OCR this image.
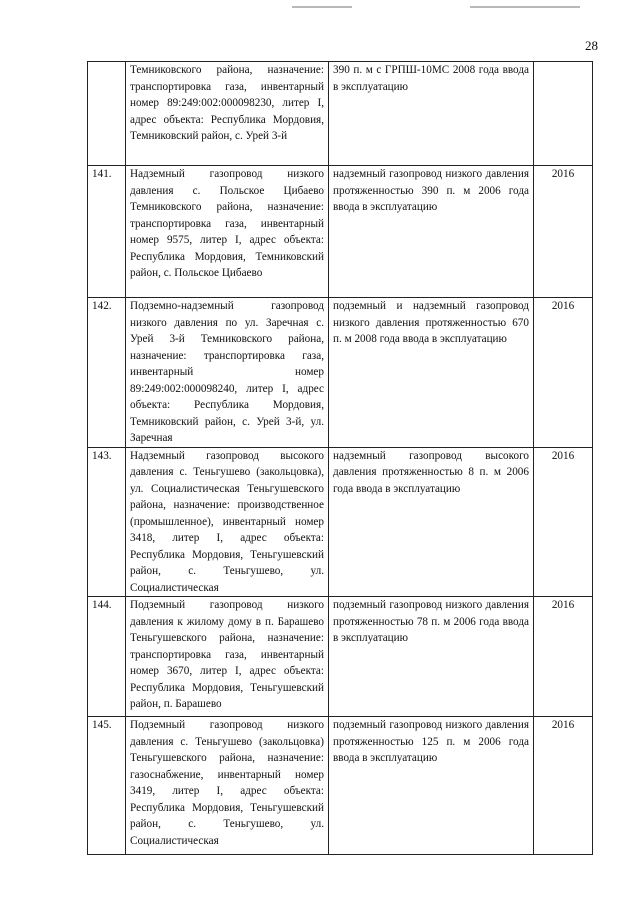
28
	Темниковского района, назначение: транспортировка газа, инвентарный номер 89:249:002:000098230, литер I, адрес объекта: Республика Мордовия, Темниковский район, с. Урей 3-й	390 п. м с ГРПШ-10МС 2008 года ввода в эксплуатацию	
141.	Надземный газопровод низкого давления с. Польское Цибаево Темниковского района, назначение: транспортировка газа, инвентарный номер 9575, литер I, адрес объекта: Республика Мордовия, Темниковский район, с. Польское Цибаево	надземный газопровод низкого давления протяженностью 390 п. м 2006 года ввода в эксплуатацию	2016
142.	Подземно-надземный газопровод низкого давления по ул. Заречная с. Урей 3-й Темниковского района, назначение: транспортировка газа, инвентарный номер 89:249:002:000098240, литер I, адрес объекта: Республика Мордовия, Темниковский район, с. Урей 3-й, ул. Заречная	подземный и надземный газопровод низкого давления протяженностью 670 п. м 2008 года ввода в эксплуатацию	2016
143.	Надземный газопровод высокого давления с. Теньгушево (закольцовка), ул. Социалистическая Теньгушевского района, назначение: производственное (промышленное), инвентарный номер 3418, литер I, адрес объекта: Республика Мордовия, Теньгушевский район, с. Теньгушево, ул. Социалистическая	надземный газопровод высокого давления протяженностью 8 п. м 2006 года ввода в эксплуатацию	2016
144.	Подземный газопровод низкого давления к жилому дому в п. Барашево Теньгушевского района, назначение: транспортировка газа, инвентарный номер 3670, литер I, адрес объекта: Республика Мордовия, Теньгушевский район, п. Барашево	подземный газопровод низкого давления протяженностью 78 п. м 2006 года ввода в эксплуатацию	2016
145.	Подземный газопровод низкого давления с. Теньгушево (закольцовка) Теньгушевского района, назначение: газоснабжение, инвентарный номер 3419, литер I, адрес объекта: Республика Мордовия, Теньгушевский район, с. Теньгушево, ул. Социалистическая	подземный газопровод низкого давления протяженностью 125 п. м 2006 года ввода в эксплуатацию	2016
